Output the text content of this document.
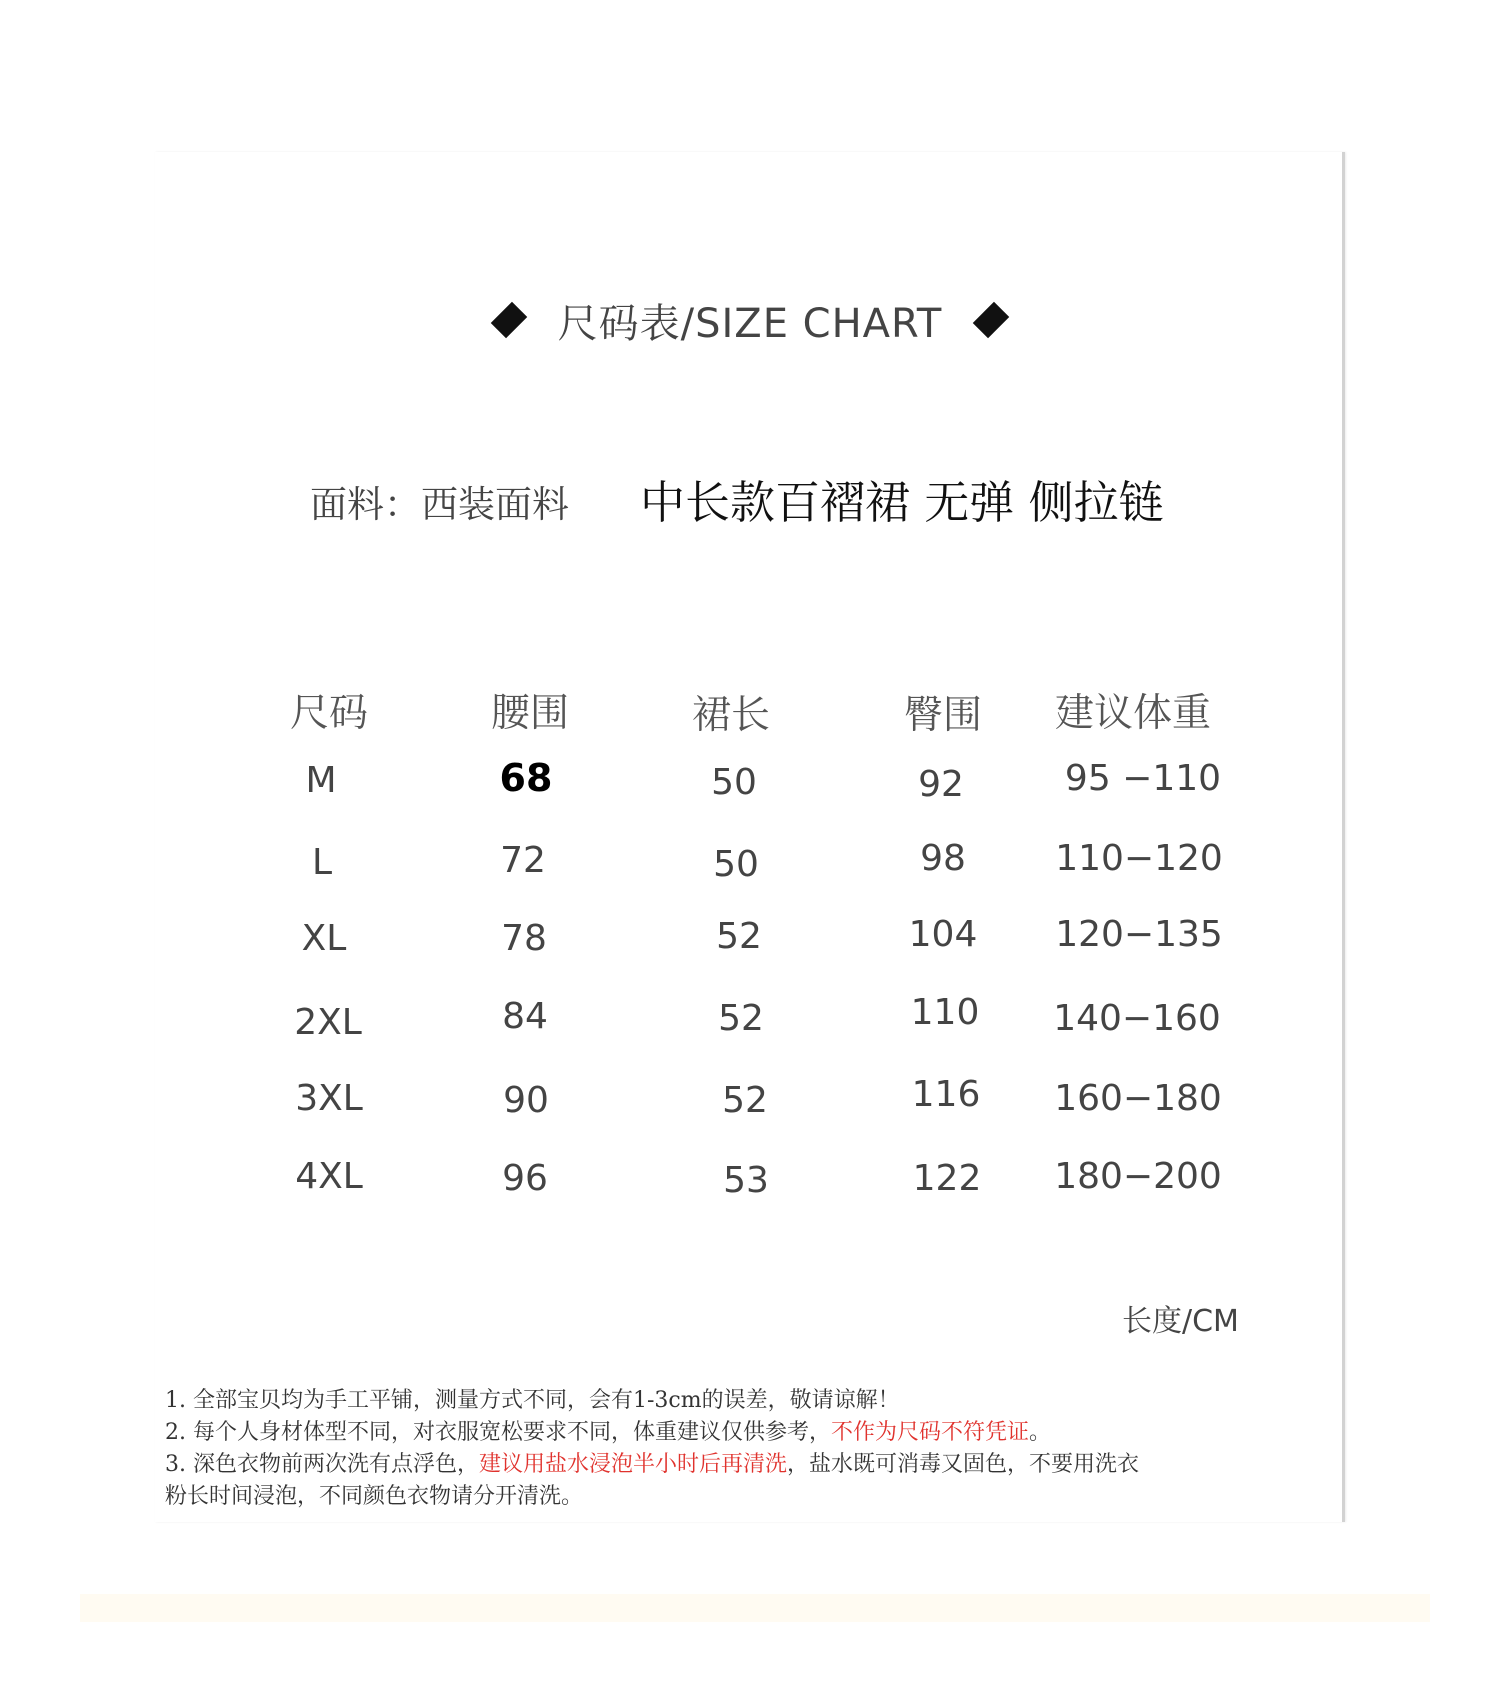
尺码表/SIZE CHART
面料：西装面料 中长款百褶裙 无弹 侧拉链
尺码	腰围	裙长	臀围 建议体重
M	68	50	92	95 −110
L	72	50	98 110−120
XL	78	52	104 120−135
2XL	84	52	110 140−160
3XL	90	52	116 160−180
4XL	96	53	122 180−200
长度/CM
1. 全部宝贝均为手工平铺，测量方式不同，会有1-3cm的误差，敬请谅解！
2. 每个人身材体型不同，对衣服宽松要求不同，体重建议仅供参考，不作为尺码不符凭证。
3. 深色衣物前两次洗有点浮色，建议用盐水浸泡半小时后再清洗，盐水既可消毒又固色，不要用洗衣
粉长时间浸泡，不同颜色衣物请分开清洗。
